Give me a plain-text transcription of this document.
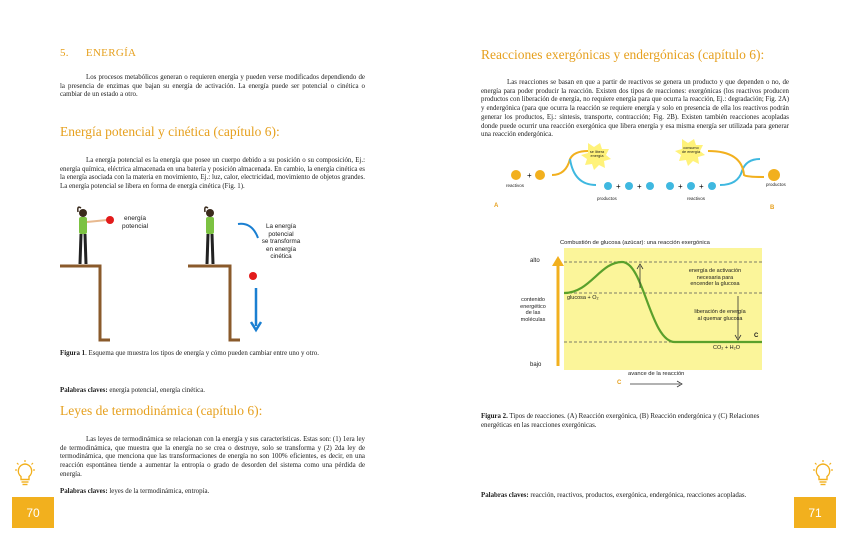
5. ENERGÍA
Los procesos metabólicos generan o requieren energía y pueden verse modificados dependiendo de la presencia de enzimas que bajan su energía de activación. La energía puede ser potencial o cinética o cambiar de un estado a otro.
Energía potencial y cinética (capítulo 6):
La energía potencial es la energía que posee un cuerpo debido a su posición o su composición, Ej.: energía química, eléctrica almacenada en una batería y posición almacenada. En cambio, la energía cinética es la energía asociada con la materia en movimiento, Ej.: luz, calor, electricidad, movimiento de objetos grandes. La energía potencial se libera en forma de energía cinética (Fig. 1).
energía
potencial	La energía
potencial
se transforma
en energía
cinética
Figura 1. Esquema que muestra los tipos de energía y cómo pueden cambiar entre uno y otro.
Palabras claves: energía potencial, energía cinética.
Leyes de termodinámica (capítulo 6):
Las leyes de termodinámica se relacionan con la energía y sus características. Estas son: (1) 1era ley de termodinámica, que muestra que la energía no se crea o destruye, solo se transforma y (2) 2da ley de termodinámica, que menciona que las transformaciones de energía no son 100% eficientes, es decir, en una reacción espontánea tiende a aumentar la entropía o grado de desorden del sistema como una pérdida de energía.
Palabras claves: leyes de la termodinámica, entropía.
70
Reacciones exergónicas y endergónicas (capítulo 6):
Las reacciones se basan en que a partir de reactivos se genera un producto y que dependen o no, de energía para poder producir la reacción. Existen dos tipos de reacciones: exergónicas (los reactivos producen productos con liberación de energía, no requiere energía para que ocurra la reacción, Ej.: degradación; Fig. 2A) y endergónica (para que ocurra la reacción se requiere energía y solo en presencia de ella los reactivos podrán generar los productos, Ej.: síntesis, transporte, contracción; Fig. 2B). Existen también reacciones acopladas donde puede ocurrir una reacción exergónica que libera energía y esa misma energía ser utilizada para generar una reacción endergónica.
+
+ +	+ +
reactivos
productos	reactivos
productos
se libera
energía
consumo
de energía
A	B
Combustión de glucosa (azúcar): una reacción exergónica
alto
bajo
contenido
energético
de las
moléculas
glucosa + O₂
energía de activación
necesaria para
encender la glucosa
liberación de energía
al quemar glucosa
C
CO₂ + H₂O
avance de la reacción
C
Figura 2. Tipos de reacciones. (A) Reacción exergónica, (B) Reacción endergónica y (C) Relaciones energéticas en las reacciones exergónicas.
Palabras claves: reacción, reactivos, productos, exergónica, endergónica, reacciones acopladas.
71
